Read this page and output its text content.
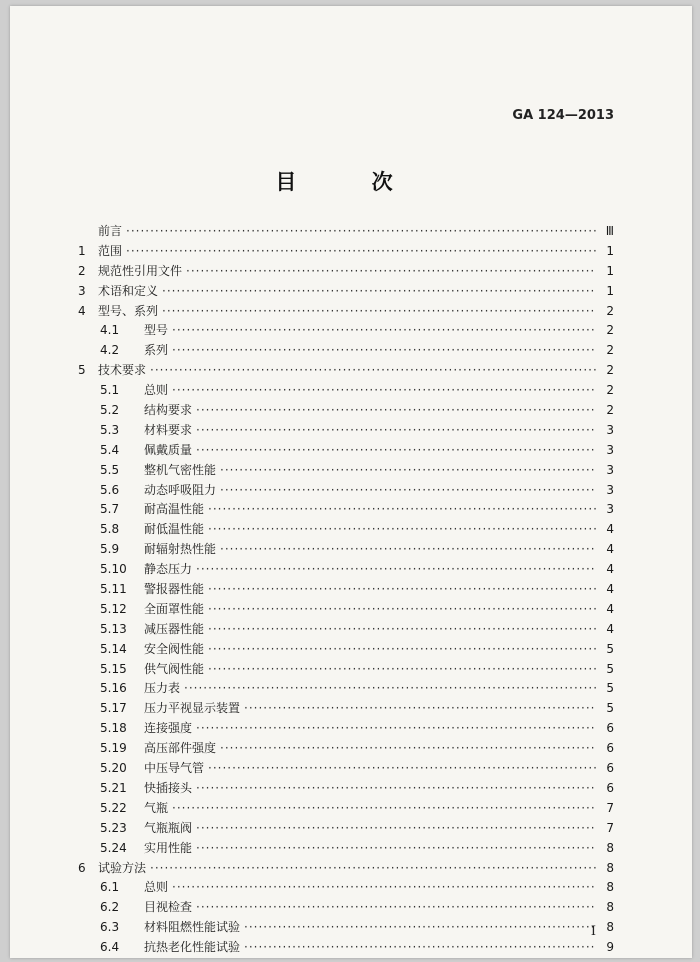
GA 124—2013
目 次
前言 ·····	Ⅲ
1	范围 ·····	1
2	规范性引用文件 ·····	1
3	术语和定义 ·····	1
4	型号、系列 ·····	2
4.1	型号 ·····	2
4.2	系列 ·····	2
5	技术要求 ·····	2
5.1	总则 ·····	2
5.2	结构要求 ·····	2
5.3	材料要求 ·····	3
5.4	佩戴质量 ·····	3
5.5	整机气密性能 ·····	3
5.6	动态呼吸阻力 ·····	3
5.7	耐高温性能 ·····	3
5.8	耐低温性能 ·····	4
5.9	耐辐射热性能 ·····	4
5.10	静态压力 ·····	4
5.11	警报器性能 ·····	4
5.12	全面罩性能 ·····	4
5.13	减压器性能 ·····	4
5.14	安全阀性能 ·····	5
5.15	供气阀性能 ·····	5
5.16	压力表 ·····	5
5.17	压力平视显示装置 ·····	5
5.18	连接强度 ·····	6
5.19	高压部件强度 ·····	6
5.20	中压导气管 ·····	6
5.21	快插接头 ·····	6
5.22	气瓶 ·····	7
5.23	气瓶瓶阀 ·····	7
5.24	实用性能 ·····	8
6	试验方法 ·····	8
6.1	总则 ·····	8
6.2	目视检查 ·····	8
6.3	材料阻燃性能试验 ·····	8
6.4	抗热老化性能试验 ·····	9
I
